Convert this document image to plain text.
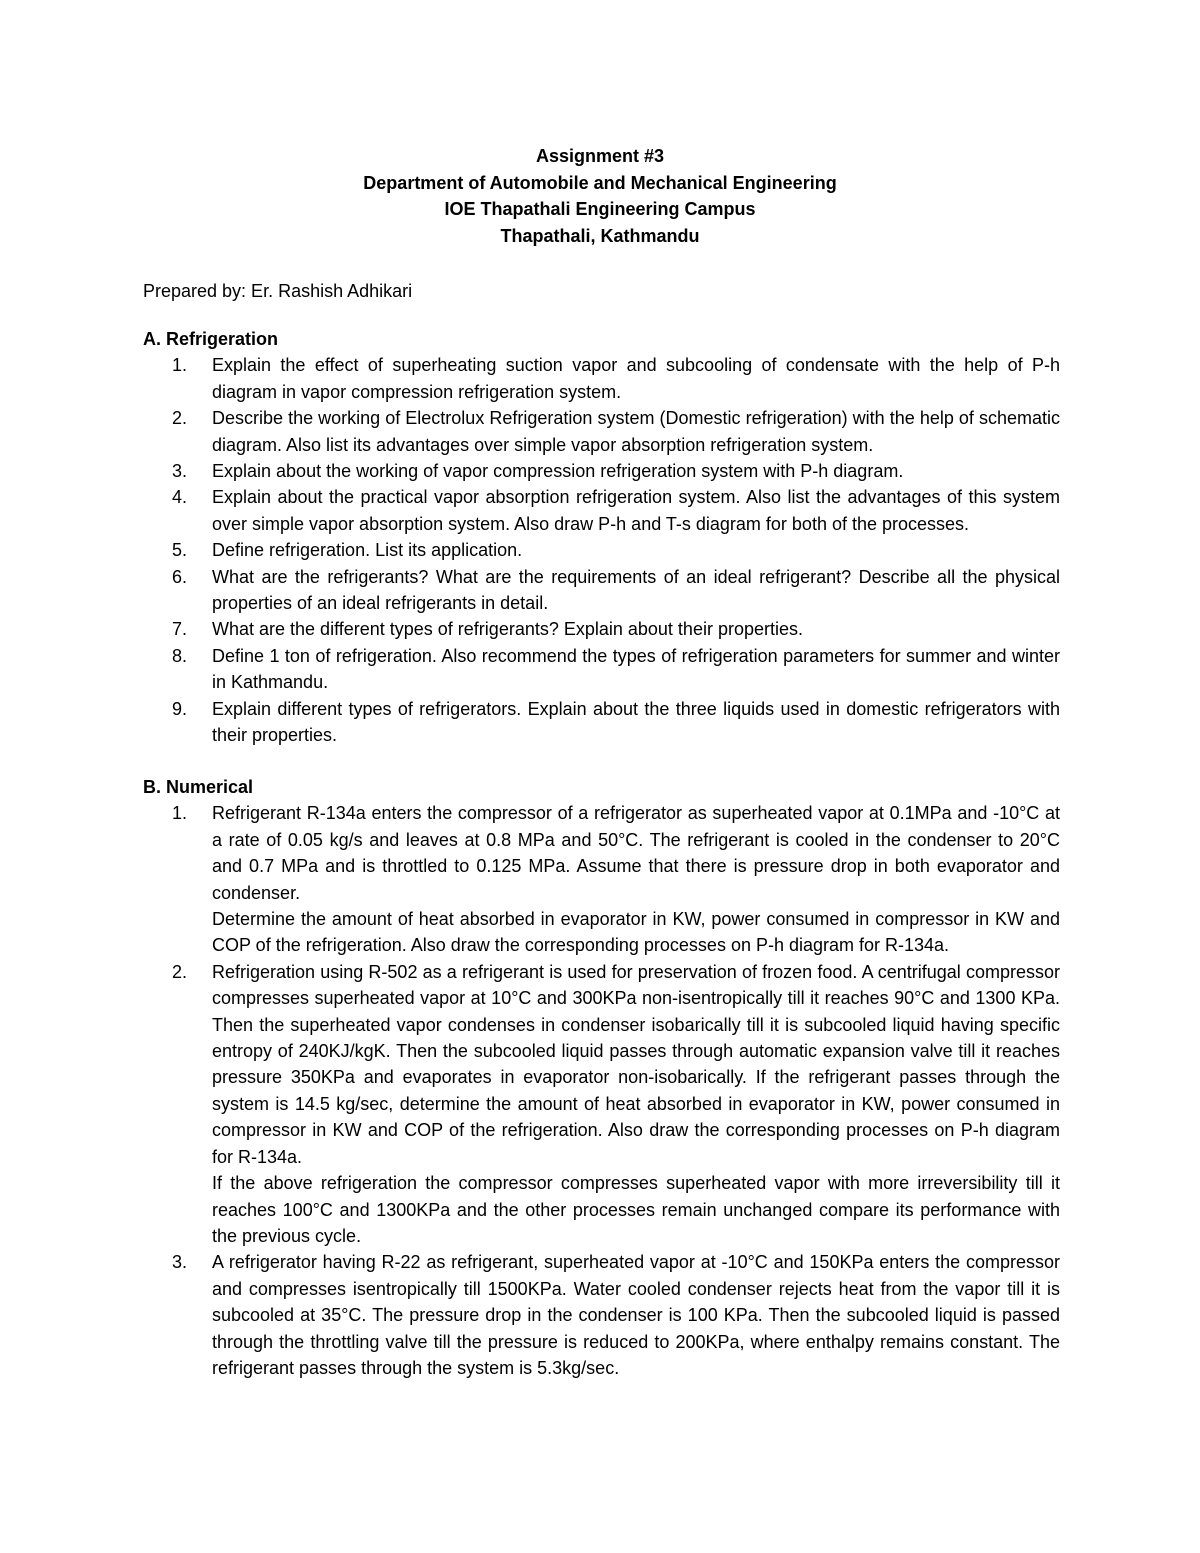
Assignment #3
Department of Automobile and Mechanical Engineering
IOE Thapathali Engineering Campus
Thapathali, Kathmandu
Prepared by: Er. Rashish Adhikari
A. Refrigeration
1. Explain the effect of superheating suction vapor and subcooling of condensate with the help of P-h diagram in vapor compression refrigeration system.
2. Describe the working of Electrolux Refrigeration system (Domestic refrigeration) with the help of schematic diagram. Also list its advantages over simple vapor absorption refrigeration system.
3. Explain about the working of vapor compression refrigeration system with P-h diagram.
4. Explain about the practical vapor absorption refrigeration system. Also list the advantages of this system over simple vapor absorption system. Also draw P-h and T-s diagram for both of the processes.
5. Define refrigeration. List its application.
6. What are the refrigerants? What are the requirements of an ideal refrigerant? Describe all the physical properties of an ideal refrigerants in detail.
7. What are the different types of refrigerants? Explain about their properties.
8. Define 1 ton of refrigeration. Also recommend the types of refrigeration parameters for summer and winter in Kathmandu.
9. Explain different types of refrigerators. Explain about the three liquids used in domestic refrigerators with their properties.
B. Numerical
1. Refrigerant R-134a enters the compressor of a refrigerator as superheated vapor at 0.1MPa and -10°C at a rate of 0.05 kg/s and leaves at 0.8 MPa and 50°C. The refrigerant is cooled in the condenser to 20°C and 0.7 MPa and is throttled to 0.125 MPa. Assume that there is pressure drop in both evaporator and condenser.
Determine the amount of heat absorbed in evaporator in KW, power consumed in compressor in KW and COP of the refrigeration. Also draw the corresponding processes on P-h diagram for R-134a.
2. Refrigeration using R-502 as a refrigerant is used for preservation of frozen food. A centrifugal compressor compresses superheated vapor at 10°C and 300KPa non-isentropically till it reaches 90°C and 1300 KPa. Then the superheated vapor condenses in condenser isobarically till it is subcooled liquid having specific entropy of 240KJ/kgK. Then the subcooled liquid passes through automatic expansion valve till it reaches pressure 350KPa and evaporates in evaporator non-isobarically. If the refrigerant passes through the system is 14.5 kg/sec, determine the amount of heat absorbed in evaporator in KW, power consumed in compressor in KW and COP of the refrigeration. Also draw the corresponding processes on P-h diagram for R-134a.
If the above refrigeration the compressor compresses superheated vapor with more irreversibility till it reaches 100°C and 1300KPa and the other processes remain unchanged compare its performance with the previous cycle.
3. A refrigerator having R-22 as refrigerant, superheated vapor at -10°C and 150KPa enters the compressor and compresses isentropically till 1500KPa. Water cooled condenser rejects heat from the vapor till it is subcooled at 35°C. The pressure drop in the condenser is 100 KPa. Then the subcooled liquid is passed through the throttling valve till the pressure is reduced to 200KPa, where enthalpy remains constant. The refrigerant passes through the system is 5.3kg/sec.
